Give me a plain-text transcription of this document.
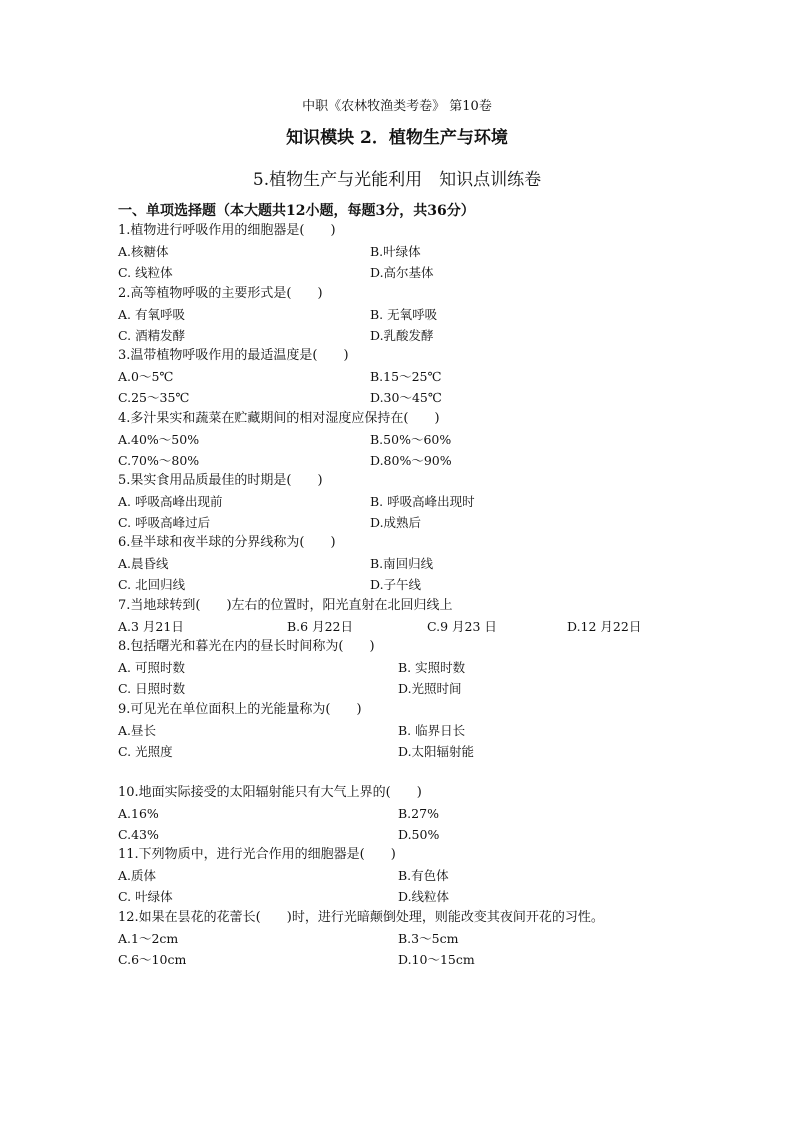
中职《农林牧渔类考卷》 第10卷
知识模块 2．植物生产与环境
5.植物生产与光能利用　知识点训练卷
一、单项选择题（本大题共12小题，每题3分，共36分）
1.植物进行呼吸作用的细胞器是(　　)
A.核糖体	B.叶绿体
C. 线粒体	D.高尔基体
2.高等植物呼吸的主要形式是(　　)
A. 有氧呼吸	B. 无氧呼吸
C. 酒精发酵	D.乳酸发酵
3.温带植物呼吸作用的最适温度是(　　)
A.0～5℃	B.15～25℃
C.25～35℃	D.30～45℃
4.多汁果实和蔬菜在贮藏期间的相对湿度应保持在(　　)
A.40%～50%	B.50%～60%
C.70%～80%	D.80%～90%
5.果实食用品质最佳的时期是(　　)
A. 呼吸高峰出现前	B. 呼吸高峰出现时
C. 呼吸高峰过后	D.成熟后
6.昼半球和夜半球的分界线称为(　　)
A.晨昏线	B.南回归线
C. 北回归线	D.子午线
7.当地球转到(　　)左右的位置时，阳光直射在北回归线上
A.3 月21日	B.6 月22日	C.9 月23 日	D.12 月22日
8.包括曙光和暮光在内的昼长时间称为(　　)
A. 可照时数	B. 实照时数
C. 日照时数	D.光照时间
9.可见光在单位面积上的光能量称为(　　)
A.昼长	B. 临界日长
C. 光照度	D.太阳辐射能
10.地面实际接受的太阳辐射能只有大气上界的(　　)
A.16%	B.27%
C.43%	D.50%
11.下列物质中，进行光合作用的细胞器是(　　)
A.质体	B.有色体
C. 叶绿体	D.线粒体
12.如果在昙花的花蕾长(　　)时，进行光暗颠倒处理，则能改变其夜间开花的习性。
A.1～2cm	B.3～5cm
C.6～10cm	D.10～15cm
